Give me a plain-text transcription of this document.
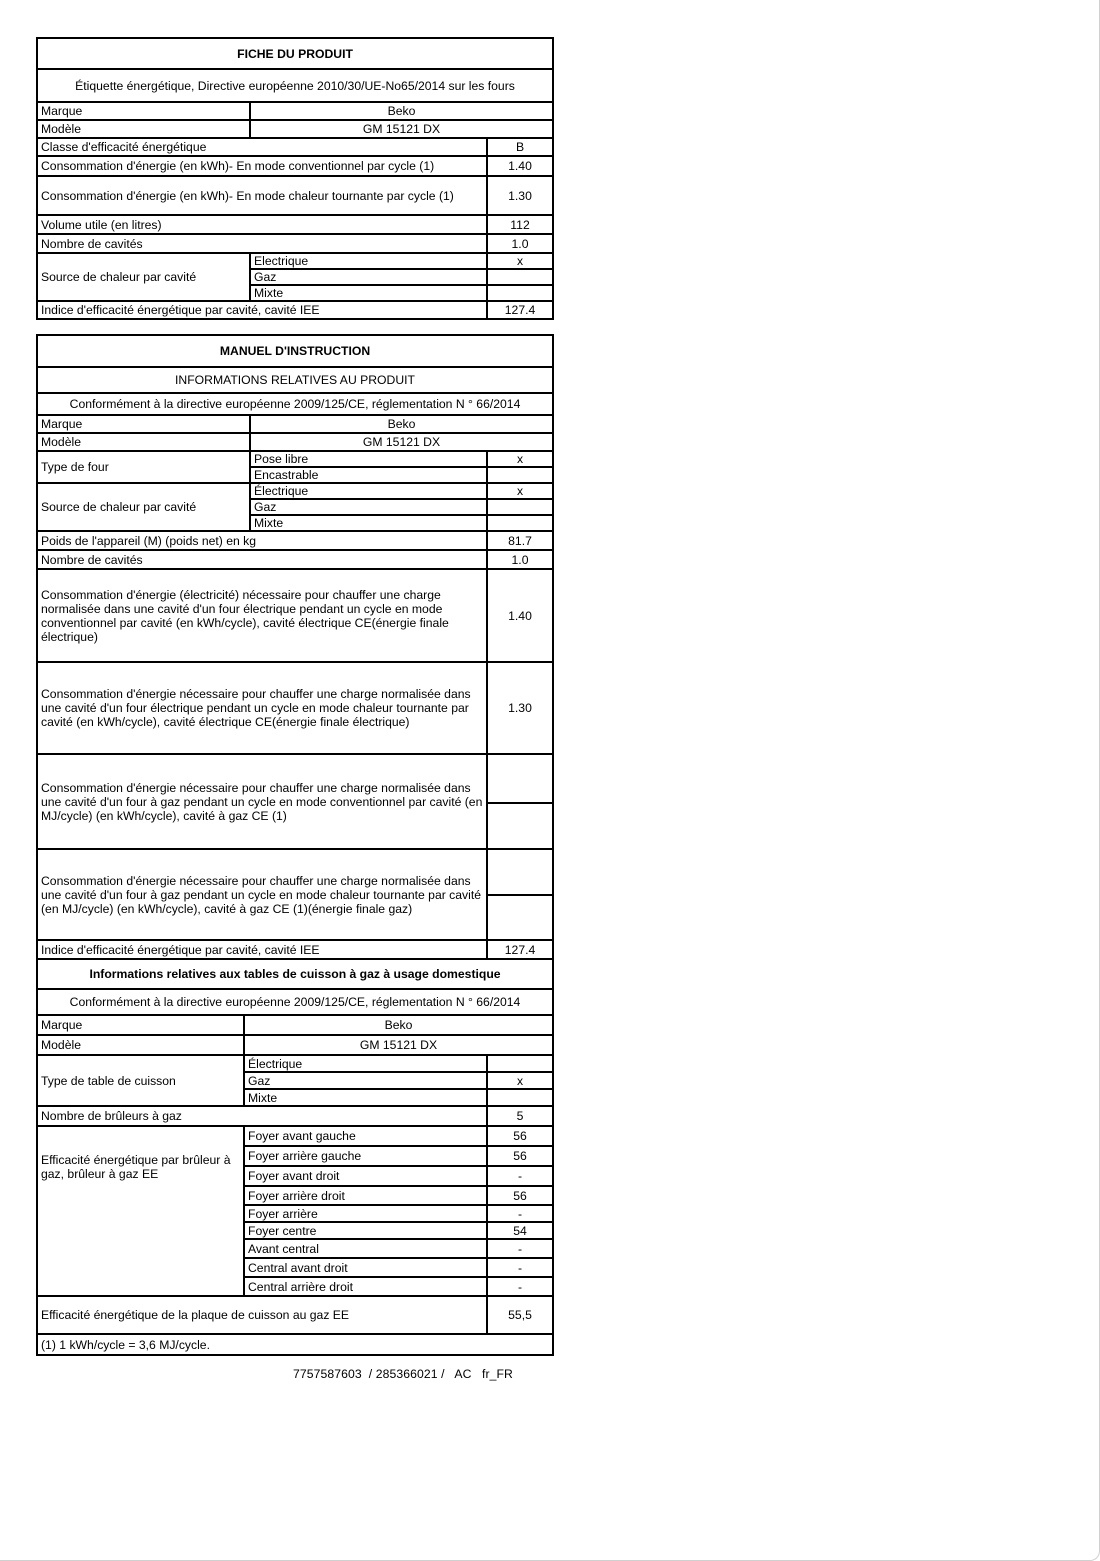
FICHE DU PRODUIT		
Étiquette énergétique, Directive européenne 2010/30/UE-No65/2014 sur les fours		
Marque	Beko	
Modèle	GM 15121 DX	
Classe d'efficacité énergétique		B
Consommation d'énergie (en kWh)- En mode conventionnel par cycle (1)		1.40
Consommation d'énergie (en kWh)- En mode chaleur tournante par cycle (1)		1.30
Volume utile (en litres)		112
Nombre de cavités		1.0
Source de chaleur par cavité	Electrique	x
	Gaz	
	Mixte	
Indice d'efficacité énergétique par cavité, cavité IEE		127.4
MANUEL D'INSTRUCTION		
INFORMATIONS RELATIVES AU PRODUIT		
Conformément à la directive européenne 2009/125/CE, réglementation N ° 66/2014		
Marque	Beko	
Modèle	GM 15121 DX	
Type de four	Pose libre	x
	Encastrable	
Source de chaleur par cavité	Électrique	x
	Gaz	
	Mixte	
Poids de l'appareil (M) (poids net) en kg		81.7
Nombre de cavités		1.0
Consommation d'énergie (électricité) nécessaire pour chauffer une charge normalisée dans une cavité d'un four électrique pendant un cycle en mode conventionnel par cavité (en kWh/cycle), cavité électrique CE(énergie finale électrique)		1.40
Consommation d'énergie nécessaire pour chauffer une charge normalisée dans une cavité d'un four électrique pendant un cycle en mode chaleur tournante par cavité (en kWh/cycle), cavité électrique CE(énergie finale électrique)		1.30
Consommation d'énergie nécessaire pour chauffer une charge normalisée dans une cavité d'un four à gaz pendant un cycle en mode conventionnel par cavité (en MJ/cycle) (en kWh/cycle), cavité à gaz CE (1)		

Consommation d'énergie nécessaire pour chauffer une charge normalisée dans une cavité d'un four à gaz pendant un cycle en mode chaleur tournante par cavité (en MJ/cycle) (en kWh/cycle), cavité à gaz CE (1)(énergie finale gaz)		

Indice d'efficacité énergétique par cavité, cavité IEE		127.4
Informations relatives aux tables de cuisson à gaz à usage domestique		
Conformément à la directive européenne 2009/125/CE, réglementation N ° 66/2014		
Marque	Beko	
Modèle	GM 15121 DX	
Type de table de cuisson	Électrique	
	Gaz	x
	Mixte	
Nombre de brûleurs à gaz		5
Efficacité énergétique par brûleur à gaz, brûleur à gaz EE	Foyer avant gauche	56
	Foyer arrière gauche	56
	Foyer avant droit	-
	Foyer arrière droit	56
	Foyer arrière	-
	Foyer centre	54
	Avant central	-
	Central avant droit	-
	Central arrière droit	-
Efficacité énergétique de la plaque de cuisson au gaz EE		55,5
(1) 1 kWh/cycle = 3,6 MJ/cycle.		
7757587603  / 285366021 /   AC   fr_FR
